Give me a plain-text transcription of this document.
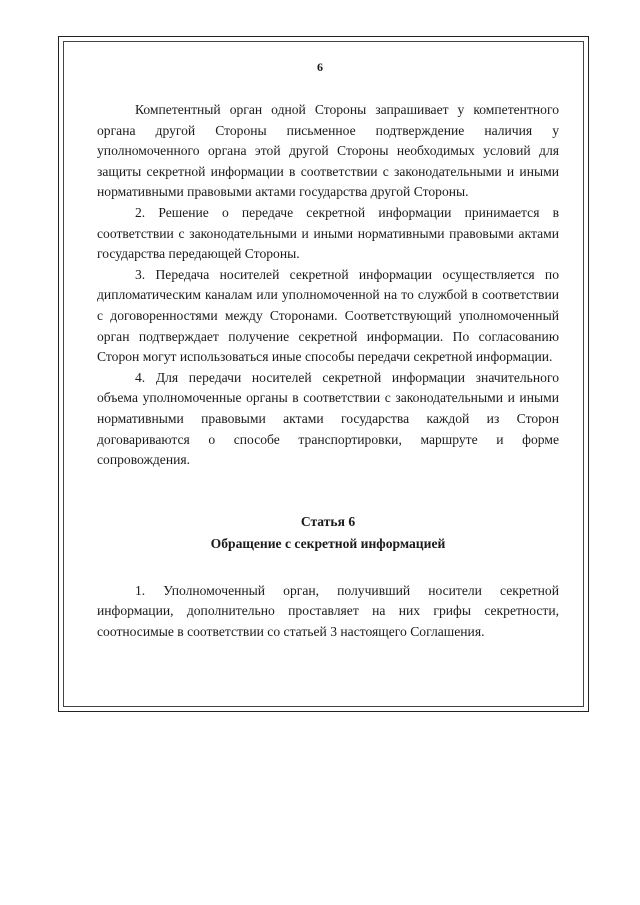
6

Компетентный орган одной Стороны запрашивает у компетентного органа другой Стороны письменное подтверждение наличия у уполномоченного органа этой другой Стороны необходимых условий для защиты секретной информации в соответствии с законодательными и иными нормативными правовыми актами государства другой Стороны.

2. Решение о передаче секретной информации принимается в соответствии с законодательными и иными нормативными правовыми актами государства передающей Стороны.

3. Передача носителей секретной информации осуществляется по дипломатическим каналам или уполномоченной на то службой в соответствии с договоренностями между Сторонами. Соответствующий уполномоченный орган подтверждает получение секретной информации. По согласованию Сторон могут использоваться иные способы передачи секретной информации.

4. Для передачи носителей секретной информации значительного объема уполномоченные органы в соответствии с законодательными и иными нормативными правовыми актами государства каждой из Сторон договариваются о способе транспортировки, маршруте и форме сопровождения.

Статья 6
Обращение с секретной информацией

1. Уполномоченный орган, получивший носители секретной информации, дополнительно проставляет на них грифы секретности, соотносимые в соответствии со статьей 3 настоящего Соглашения.
